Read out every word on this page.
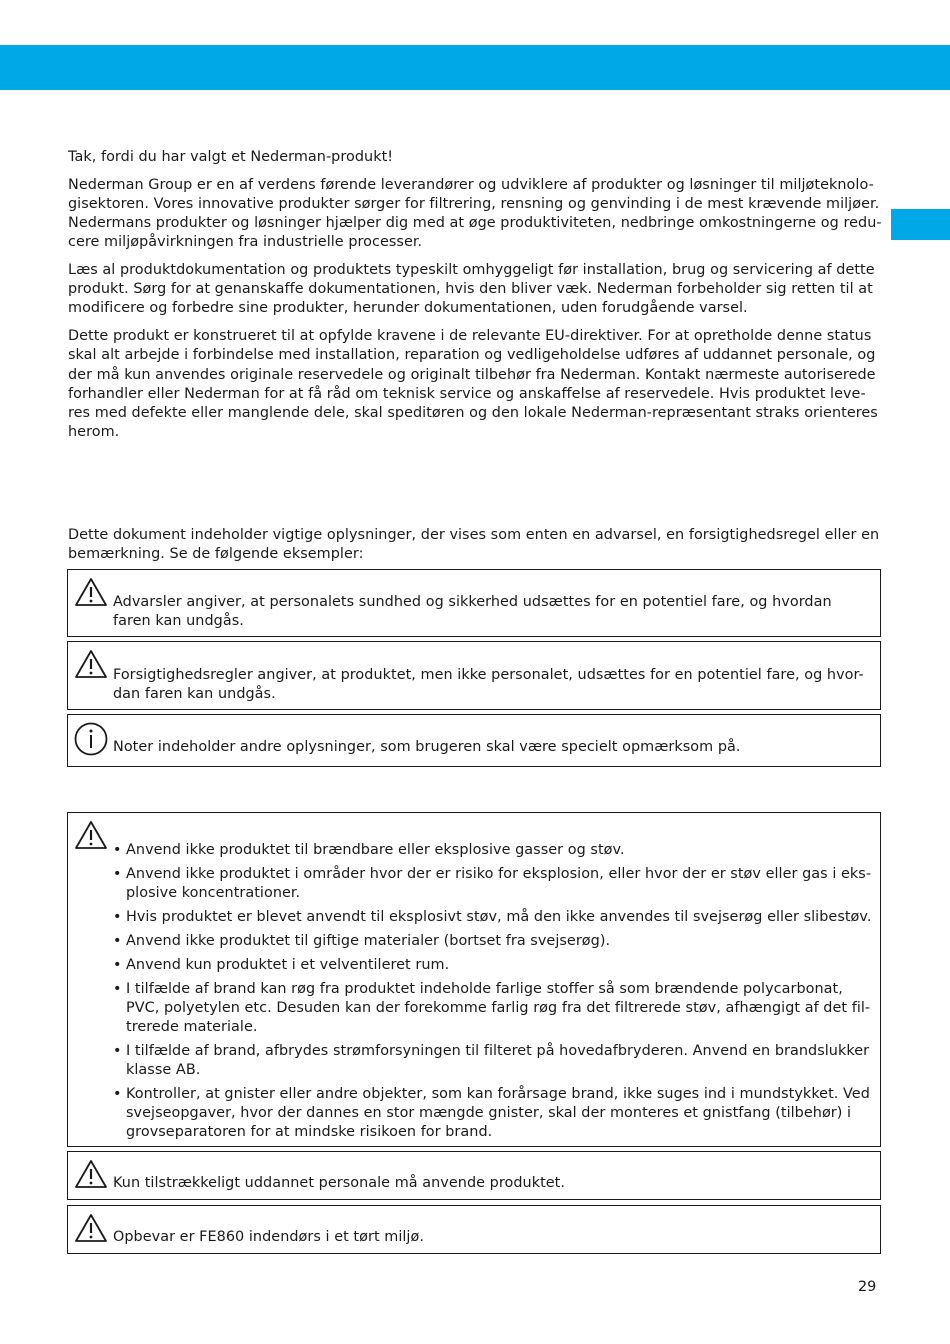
Tak, fordi du har valgt et Nederman-produkt!

Nederman Group er en af verdens førende leverandører og udviklere af produkter og løsninger til miljøteknolo-gisektoren. Vores innovative produkter sørger for filtrering, rensning og genvinding i de mest krævende miljøer. Nedermans produkter og løsninger hjælper dig med at øge produktiviteten, nedbringe omkostningerne og redu-cere miljøpåvirkningen fra industrielle processer.

Læs al produktdokumentation og produktets typeskilt omhyggeligt før installation, brug og servicering af dette produkt. Sørg for at genanskaffe dokumentationen, hvis den bliver væk. Nederman forbeholder sig retten til at modificere og forbedre sine produkter, herunder dokumentationen, uden forudgående varsel.

Dette produkt er konstrueret til at opfylde kravene i de relevante EU-direktiver. For at opretholde denne status skal alt arbejde i forbindelse med installation, reparation og vedligeholdelse udføres af uddannet personale, og der må kun anvendes originale reservedele og originalt tilbehør fra Nederman. Kontakt nærmeste autoriserede forhandler eller Nederman for at få råd om teknisk service og anskaffelse af reservedele. Hvis produktet leve-res med defekte eller manglende dele, skal speditøren og den lokale Nederman-repræsentant straks orienteres herom.

Dette dokument indeholder vigtige oplysninger, der vises som enten en advarsel, en forsigtighedsregel eller en bemærkning. Se de følgende eksempler:

Advarsler angiver, at personalets sundhed og sikkerhed udsættes for en potentiel fare, og hvordan faren kan undgås.
Forsigtighedsregler angiver, at produktet, men ikke personalet, udsættes for en potentiel fare, og hvor-dan faren kan undgås.
Noter indeholder andre oplysninger, som brugeren skal være specielt opmærksom på.
• Anvend ikke produktet til brændbare eller eksplosive gasser og støv.
• Anvend ikke produktet i områder hvor der er risiko for eksplosion, eller hvor der er støv eller gas i eks-plosive koncentrationer.
• Hvis produktet er blevet anvendt til eksplosivt støv, må den ikke anvendes til svejserøg eller slibestøv.
• Anvend ikke produktet til giftige materialer (bortset fra svejserøg).
• Anvend kun produktet i et velventileret rum.
• I tilfælde af brand kan røg fra produktet indeholde farlige stoffer så som brændende polycarbonat, PVC, polyetylen etc. Desuden kan der forekomme farlig røg fra det filtrerede støv, afhængigt af det fil-trerede materiale.
• I tilfælde af brand, afbrydes strømforsyningen til filteret på hovedafbryderen. Anvend en brandslukker klasse AB.
• Kontroller, at gnister eller andre objekter, som kan forårsage brand, ikke suges ind i mundstykket. Ved svejseopgaver, hvor der dannes en stor mængde gnister, skal der monteres et gnistfang (tilbehør) i grovseparatoren for at mindske risikoen for brand.
Kun tilstrækkeligt uddannet personale må anvende produktet.
Opbevar er FE860 indendørs i et tørt miljø.
29
